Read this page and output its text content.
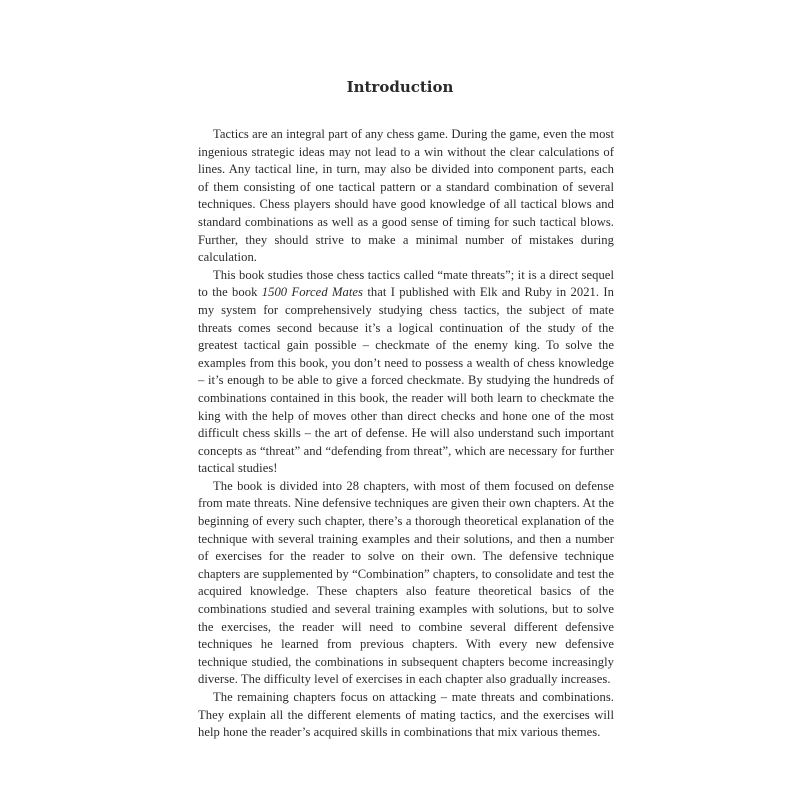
Introduction

Tactics are an integral part of any chess game. During the game, even the most ingenious strategic ideas may not lead to a win without the clear calculations of lines. Any tactical line, in turn, may also be divided into component parts, each of them consisting of one tactical pattern or a standard combination of several techniques. Chess players should have good knowledge of all tactical blows and standard combinations as well as a good sense of timing for such tactical blows. Further, they should strive to make a minimal number of mistakes during calculation.

This book studies those chess tactics called “mate threats”; it is a direct sequel to the book 1500 Forced Mates that I published with Elk and Ruby in 2021. In my system for comprehensively studying chess tactics, the subject of mate threats comes second because it’s a logical continuation of the study of the greatest tactical gain possible – checkmate of the enemy king. To solve the examples from this book, you don’t need to possess a wealth of chess knowledge – it’s enough to be able to give a forced checkmate. By studying the hundreds of combinations contained in this book, the reader will both learn to checkmate the king with the help of moves other than direct checks and hone one of the most difficult chess skills – the art of defense. He will also understand such important concepts as “threat” and “defending from threat”, which are necessary for further tactical studies!

The book is divided into 28 chapters, with most of them focused on defense from mate threats. Nine defensive techniques are given their own chapters. At the beginning of every such chapter, there’s a thorough theoretical explanation of the technique with several training examples and their solutions, and then a number of exercises for the reader to solve on their own. The defensive technique chapters are supplemented by “Combination” chapters, to consolidate and test the acquired knowledge. These chapters also feature theoretical basics of the combinations studied and several training examples with solutions, but to solve the exercises, the reader will need to combine several different defensive techniques he learned from previous chapters. With every new defensive technique studied, the combinations in subsequent chapters become increasingly diverse. The difficulty level of exercises in each chapter also gradually increases.

The remaining chapters focus on attacking – mate threats and combinations. They explain all the different elements of mating tactics, and the exercises will help hone the reader’s acquired skills in combinations that mix various themes.
